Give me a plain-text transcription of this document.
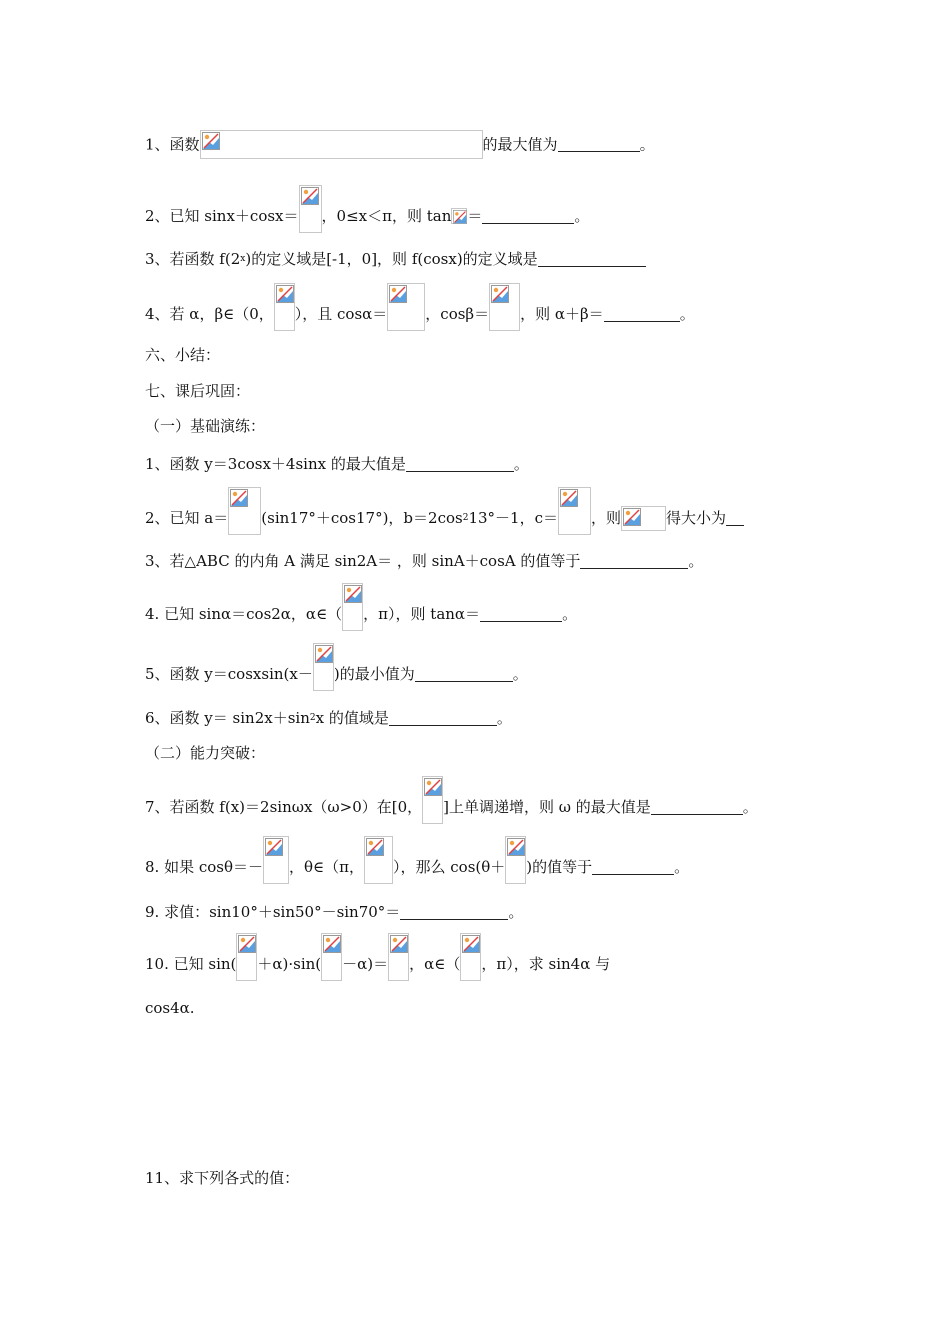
1、函数	的最大值为	。
2、已知 sinx＋cosx＝ ，0≤x＜π，则 tan ＝	。
3、若函数 f(2x)的定义域是[-1，0]，则 f(cosx)的定义域是
4、若 α，β∈（0， ），且 cosα＝	，cosβ＝ ，则 α＋β＝	。
六、小结：
七、课后巩固：
（一）基础演练：
1、函数 y＝3cosx＋4sinx 的最大值是	。
2、已知 a＝ (sin17°＋cos17°)，b＝2cos213°－1，c＝ ，则	得大小为
3、若△ABC 的内角 A 满足 sin2A＝ ，则 sinA＋cosA 的值等于	。
4. 已知 sinα＝cos2α，α∈（ ，π），则 tanα＝	。
5、函数 y＝cosxsin(x－ )的最小值为	。
6、函数 y＝ sin2x＋sin2x 的值域是	。
（二）能力突破：
7、若函数 f(x)＝2sinωx（ω>0）在[0， ]上单调递增，则 ω 的最大值是	。
8. 如果 cosθ＝－ ，θ∈（π， ），那么 cos(θ＋ )的值等于	。
9. 求值：sin10°＋sin50°－sin70°＝	。
10. 已知 sin( ＋α)·sin( －α)＝ ，α∈（ ，π），求 sin4α 与
cos4α.
11、求下列各式的值：
